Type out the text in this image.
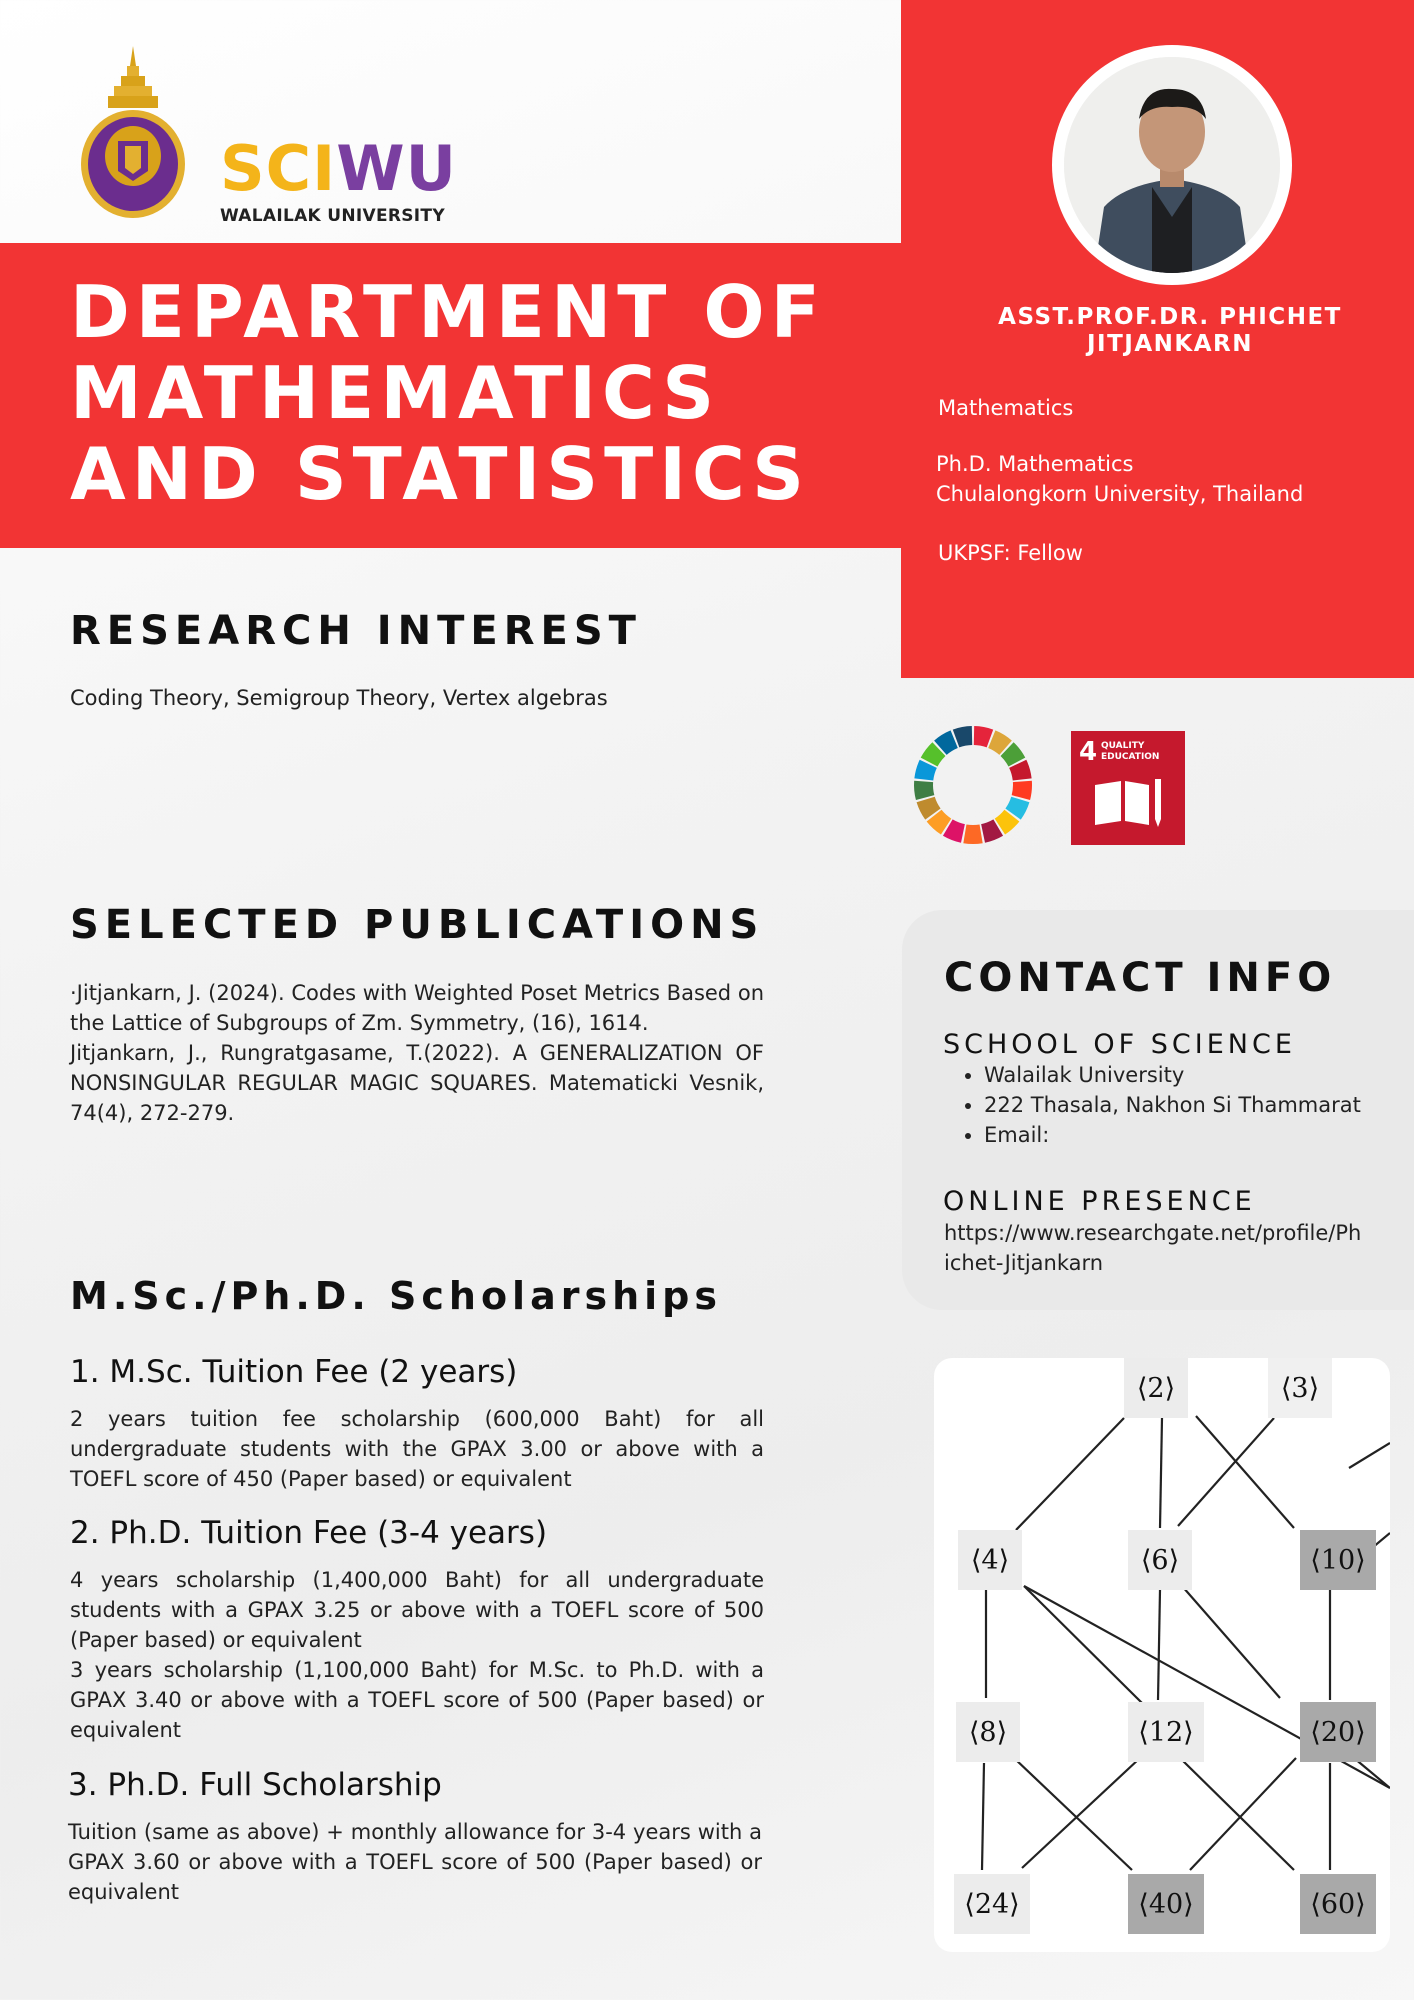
SCIWU
WALAILAK UNIVERSITY
DEPARTMENT OF
MATHEMATICS
AND STATISTICS
ASST.PROF.DR. PHICHET
JITJANKARN
Mathematics
Ph.D. Mathematics
Chulalongkorn University, Thailand
UKPSF: Fellow
RESEARCH INTEREST
Coding Theory, Semigroup Theory, Vertex algebras
4 QUALITY
EDUCATION
SELECTED PUBLICATIONS
·Jitjankarn, J. (2024). Codes with Weighted Poset Metrics Based on the Lattice of Subgroups of Zm. Symmetry, (16), 1614.
Jitjankarn, J., Rungratgasame, T.(2022). A GENERALIZATION OF NONSINGULAR REGULAR MAGIC SQUARES. Matematicki Vesnik, 74(4), 272-279.
M.Sc./Ph.D. Scholarships
1. M.Sc. Tuition Fee (2 years)
2 years tuition fee scholarship (600,000 Baht) for all undergraduate students with the GPAX 3.00 or above with a TOEFL score of 450 (Paper based) or equivalent
2. Ph.D. Tuition Fee (3-4 years)
4 years scholarship (1,400,000 Baht) for all undergraduate students with a GPAX 3.25 or above with a TOEFL score of 500 (Paper based) or equivalent
3 years scholarship (1,100,000 Baht) for M.Sc. to Ph.D. with a GPAX 3.40 or above with a TOEFL score of 500 (Paper based) or equivalent
3. Ph.D. Full Scholarship
Tuition (same as above) + monthly allowance for 3-4 years with a GPAX 3.60 or above with a TOEFL score of 500 (Paper based) or equivalent
CONTACT INFO
SCHOOL OF SCIENCE
• Walailak University
• 222 Thasala, Nakhon Si Thammarat
• Email:
ONLINE PRESENCE
https://www.researchgate.net/profile/Ph
ichet-Jitjankarn
⟨2⟩	⟨3⟩
⟨4⟩	⟨6⟩	⟨10⟩
⟨8⟩	⟨12⟩	⟨20⟩
⟨24⟩	⟨40⟩	⟨60⟩
